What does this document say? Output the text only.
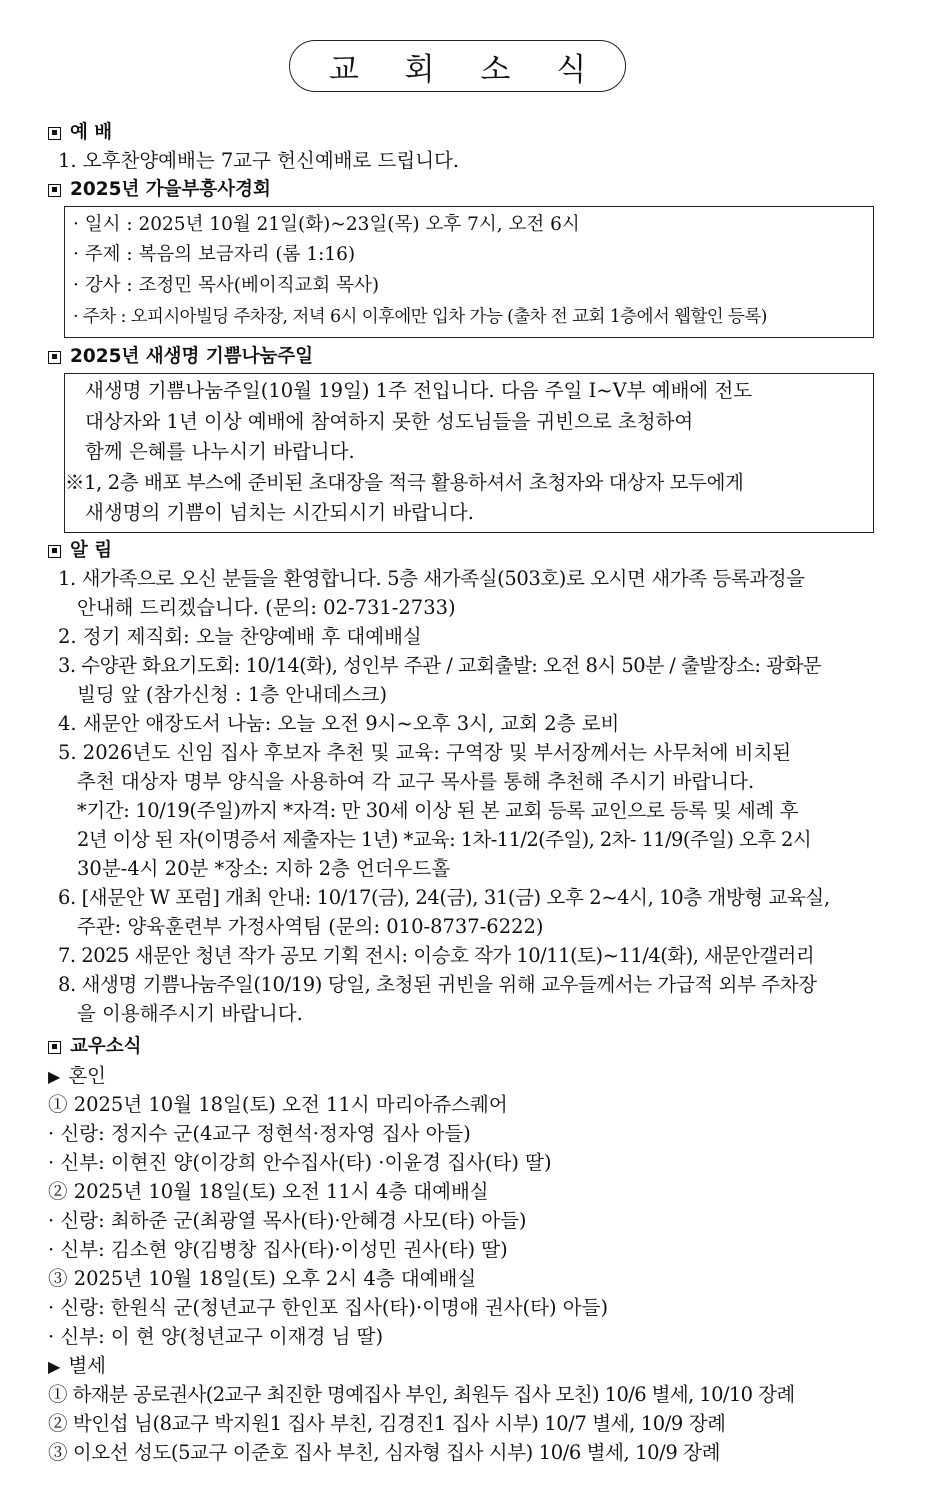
교 회 소 식
예 배
1. 오후찬양예배는 7교구 헌신예배로 드립니다.
2025년 가을부흥사경회
· 일시 : 2025년 10월 21일(화)~23일(목) 오후 7시, 오전 6시
· 주제 : 복음의 보금자리 (롬 1:16)
· 강사 : 조정민 목사(베이직교회 목사)
· 주차 : 오피시아빌딩 주차장, 저녁 6시 이후에만 입차 가능 (출차 전 교회 1층에서 웹할인 등록)
2025년 새생명 기쁨나눔주일
새생명 기쁨나눔주일(10월 19일) 1주 전입니다. 다음 주일 Ⅰ~Ⅴ부 예배에 전도
대상자와 1년 이상 예배에 참여하지 못한 성도님들을 귀빈으로 초청하여
함께 은혜를 나누시기 바랍니다.
※1, 2층 배포 부스에 준비된 초대장을 적극 활용하셔서 초청자와 대상자 모두에게
새생명의 기쁨이 넘치는 시간되시기 바랍니다.
알 림
1. 새가족으로 오신 분들을 환영합니다. 5층 새가족실(503호)로 오시면 새가족 등록과정을
안내해 드리겠습니다. (문의: 02-731-2733)
2. 정기 제직회: 오늘 찬양예배 후 대예배실
3. 수양관 화요기도회: 10/14(화), 성인부 주관 / 교회출발: 오전 8시 50분 / 출발장소: 광화문
빌딩 앞 (참가신청 : 1층 안내데스크)
4. 새문안 애장도서 나눔: 오늘 오전 9시~오후 3시, 교회 2층 로비
5. 2026년도 신임 집사 후보자 추천 및 교육: 구역장 및 부서장께서는 사무처에 비치된
추천 대상자 명부 양식을 사용하여 각 교구 목사를 통해 추천해 주시기 바랍니다.
*기간: 10/19(주일)까지 *자격: 만 30세 이상 된 본 교회 등록 교인으로 등록 및 세례 후
2년 이상 된 자(이명증서 제출자는 1년) *교육: 1차-11/2(주일), 2차- 11/9(주일) 오후 2시
30분-4시 20분 *장소: 지하 2층 언더우드홀
6. [새문안 W 포럼] 개최 안내: 10/17(금), 24(금), 31(금) 오후 2~4시, 10층 개방형 교육실,
주관: 양육훈련부 가정사역팀 (문의: 010-8737-6222)
7. 2025 새문안 청년 작가 공모 기획 전시: 이승호 작가 10/11(토)~11/4(화), 새문안갤러리
8. 새생명 기쁨나눔주일(10/19) 당일, 초청된 귀빈을 위해 교우들께서는 가급적 외부 주차장
을 이용해주시기 바랍니다.
교우소식
▶ 혼인
① 2025년 10월 18일(토) 오전 11시 마리아쥬스퀘어
· 신랑: 정지수 군(4교구 정현석·정자영 집사 아들)
· 신부: 이현진 양(이강희 안수집사(타) ·이윤경 집사(타) 딸)
② 2025년 10월 18일(토) 오전 11시 4층 대예배실
· 신랑: 최하준 군(최광열 목사(타)·안혜경 사모(타) 아들)
· 신부: 김소현 양(김병창 집사(타)·이성민 권사(타) 딸)
③ 2025년 10월 18일(토) 오후 2시 4층 대예배실
· 신랑: 한원식 군(청년교구 한인포 집사(타)·이명애 권사(타) 아들)
· 신부: 이 현 양(청년교구 이재경 님 딸)
▶ 별세
① 하재분 공로권사(2교구 최진한 명예집사 부인, 최원두 집사 모친) 10/6 별세, 10/10 장례
② 박인섭 님(8교구 박지원1 집사 부친, 김경진1 집사 시부) 10/7 별세, 10/9 장례
③ 이오선 성도(5교구 이준호 집사 부친, 심자형 집사 시부) 10/6 별세, 10/9 장례
